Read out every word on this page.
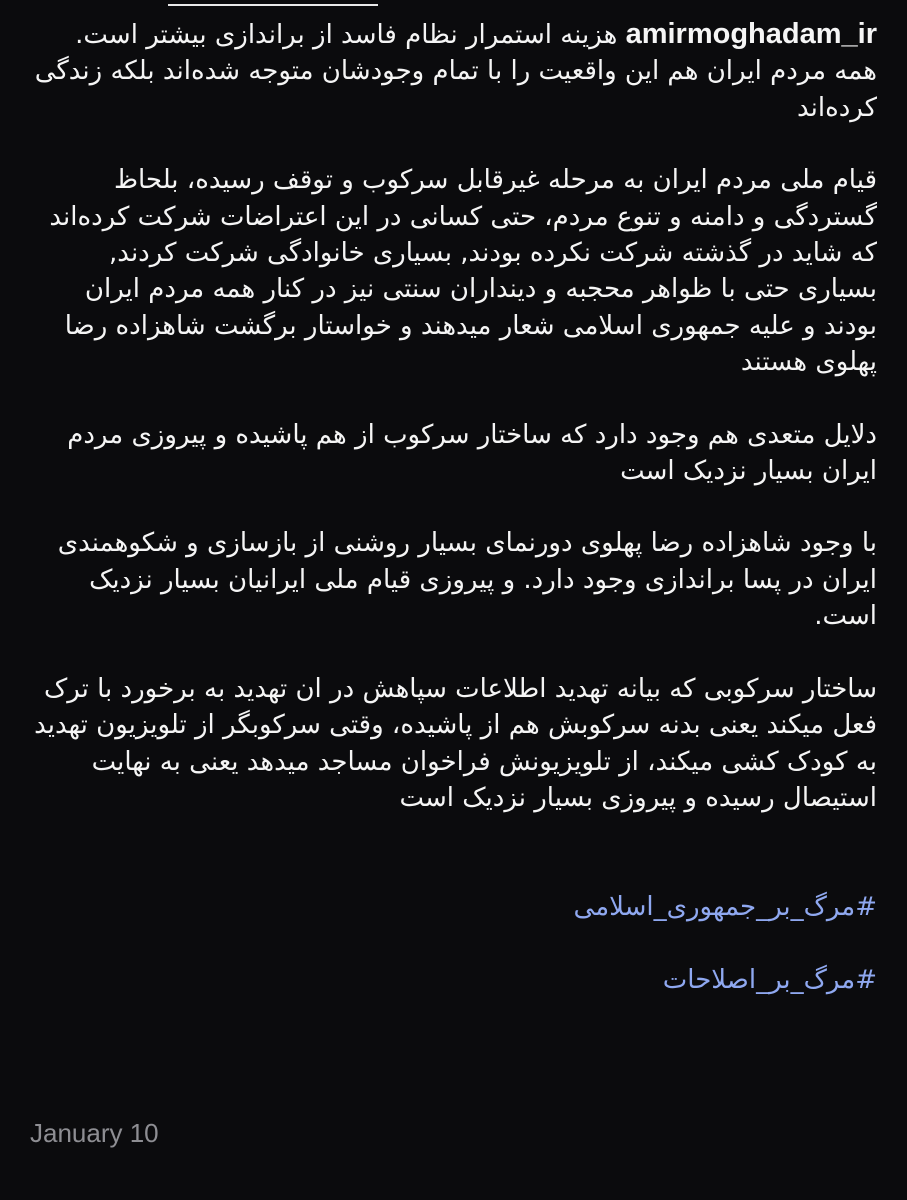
amirmoghadam_ir هزینه استمرار نظام فاسد از براندازی بیشتر است. همه مردم ایران هم این واقعیت را با تمام وجودشان متوجه شده‌اند بلکه زندگی کرده‌اند

قیام ملی مردم ایران به مرحله غیرقابل سرکوب و توقف رسیده، بلحاظ گستردگی و دامنه و تنوع مردم، حتی کسانی در این اعتراضات شرکت کرده‌اند که شاید در گذشته شرکت نکرده بودند, بسیاری خانوادگی شرکت کردند, بسیاری حتی با ظواهر محجبه و دینداران سنتی نیز در کنار همه مردم ایران بودند و علیه جمهوری اسلامی شعار میدهند و خواستار برگشت شاهزاده رضا پهلوی هستند

دلایل متعدی هم وجود دارد که ساختار سرکوب از هم پاشیده و پیروزی مردم ایران بسیار نزدیک است

با وجود شاهزاده رضا پهلوی دورنمای بسیار روشنی از بازسازی و شکوهمندی ایران در پسا براندازی وجود دارد. و پیروزی قیام ملی ایرانیان بسیار نزدیک است.

ساختار سرکوبی که بیانه تهدید اطلاعات سپاهش در ان تهدید به برخورد با ترک فعل میکند یعنی بدنه سرکوبش هم از پاشیده، وقتی سرکوبگر از تلویزیون تهدید به کودک کشی میکند، از تلویزیونش فراخوان مساجد میدهد یعنی به نهایت استیصال رسیده و پیروزی بسیار نزدیک است

#مرگ_بر_جمهوری_اسلامی

#مرگ_بر_اصلاحات

January 10
